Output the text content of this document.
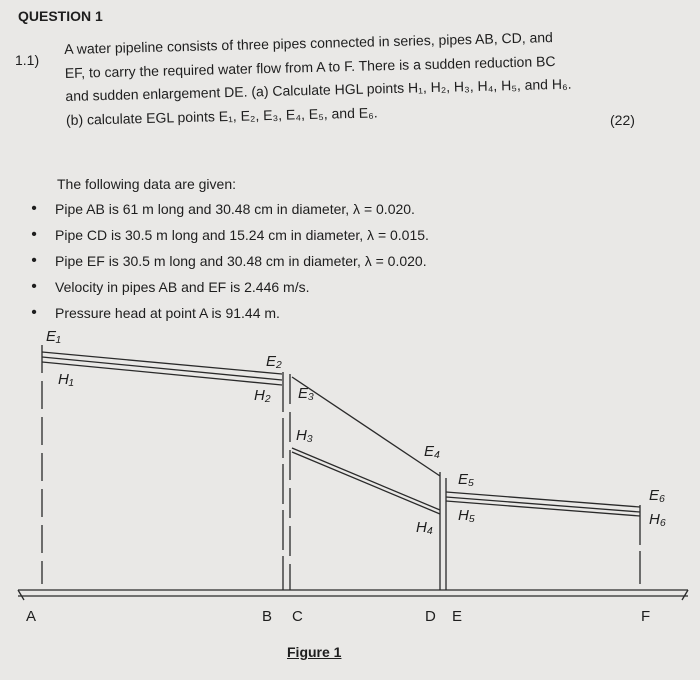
QUESTION 1
1.1)
A water pipeline consists of three pipes connected in series, pipes AB, CD, and
EF, to carry the required water flow from A to F. There is a sudden reduction BC
and sudden enlargement DE. (a) Calculate HGL points H₁, H₂, H₃, H₄, H₅, and H₆.
(b) calculate EGL points E₁, E₂, E₃, E₄, E₅, and E₆.	(22)
The following data are given:
• Pipe AB is 61 m long and 30.48 cm in diameter, λ = 0.020.
• Pipe CD is 30.5 m long and 15.24 cm in diameter, λ = 0.015.
• Pipe EF is 30.5 m long and 30.48 cm in diameter, λ = 0.020.
• Velocity in pipes AB and EF is 2.446 m/s.
• Pressure head at point A is 91.44 m.
E₁
H₁
E₂
H₂ E₃
H₃
E₄
H₄
E₅
H₅
E₆
H₆
A	B C	D E	F
Figure 1
